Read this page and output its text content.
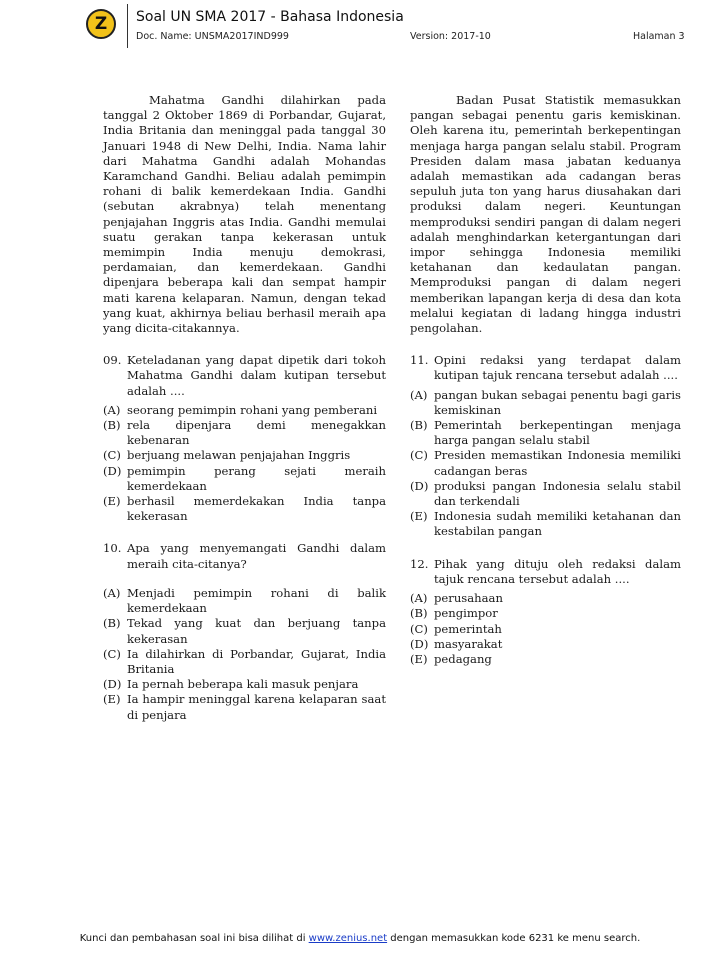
Z Soal UN SMA 2017 - Bahasa Indonesia
Doc. Name: UNSMA2017IND999	Version: 2017-10	Halaman 3

Mahatma Gandhi dilahirkan pada tanggal 2 Oktober 1869 di Porbandar, Gujarat, India Britania dan meninggal pada tanggal 30 Januari 1948 di New Delhi, India. Nama lahir dari Mahatma Gandhi adalah Mohandas Karamchand Gandhi. Beliau adalah pemimpin rohani di balik kemerdekaan India. Gandhi (sebutan akrabnya) telah menentang penjajahan Inggris atas India. Gandhi memulai suatu gerakan tanpa kekerasan untuk memimpin India menuju demokrasi, perdamaian, dan kemerdekaan. Gandhi dipenjara beberapa kali dan sempat hampir mati karena kelaparan. Namun, dengan tekad yang kuat, akhirnya beliau berhasil meraih apa yang dicita-citakannya.

09. Keteladanan yang dapat dipetik dari tokoh Mahatma Gandhi dalam kutipan tersebut adalah ....
(A) seorang pemimpin rohani yang pemberani
(B) rela dipenjara demi menegakkan kebenaran
(C) berjuang melawan penjajahan Inggris
(D) pemimpin perang sejati meraih kemerdekaan
(E) berhasil memerdekakan India tanpa kekerasan
10. Apa yang menyemangati Gandhi dalam meraih cita-citanya?
(A) Menjadi pemimpin rohani di balik kemerdekaan
(B) Tekad yang kuat dan berjuang tanpa kekerasan
(C) Ia dilahirkan di Porbandar, Gujarat, India Britania
(D) Ia pernah beberapa kali masuk penjara
(E) Ia hampir meninggal karena kelaparan saat di penjara

Badan Pusat Statistik memasukkan pangan sebagai penentu garis kemiskinan. Oleh karena itu, pemerintah berkepentingan menjaga harga pangan selalu stabil. Program Presiden dalam masa jabatan keduanya adalah memastikan ada cadangan beras sepuluh juta ton yang harus diusahakan dari produksi dalam negeri. Keuntungan memproduksi sendiri pangan di dalam negeri adalah menghindarkan ketergantungan dari impor sehingga Indonesia memiliki ketahanan dan kedaulatan pangan. Memproduksi pangan di dalam negeri memberikan lapangan kerja di desa dan kota melalui kegiatan di ladang hingga industri pengolahan.

11. Opini redaksi yang terdapat dalam kutipan tajuk rencana tersebut adalah ....
(A) pangan bukan sebagai penentu bagi garis kemiskinan
(B) Pemerintah berkepentingan menjaga harga pangan selalu stabil
(C) Presiden memastikan Indonesia memiliki cadangan beras
(D) produksi pangan Indonesia selalu stabil dan terkendali
(E) Indonesia sudah memiliki ketahanan dan kestabilan pangan
12. Pihak yang dituju oleh redaksi dalam tajuk rencana tersebut adalah ....
(A) perusahaan
(B) pengimpor
(C) pemerintah
(D) masyarakat
(E) pedagang
Kunci dan pembahasan soal ini bisa dilihat di www.zenius.net dengan memasukkan kode 6231 ke menu search.
